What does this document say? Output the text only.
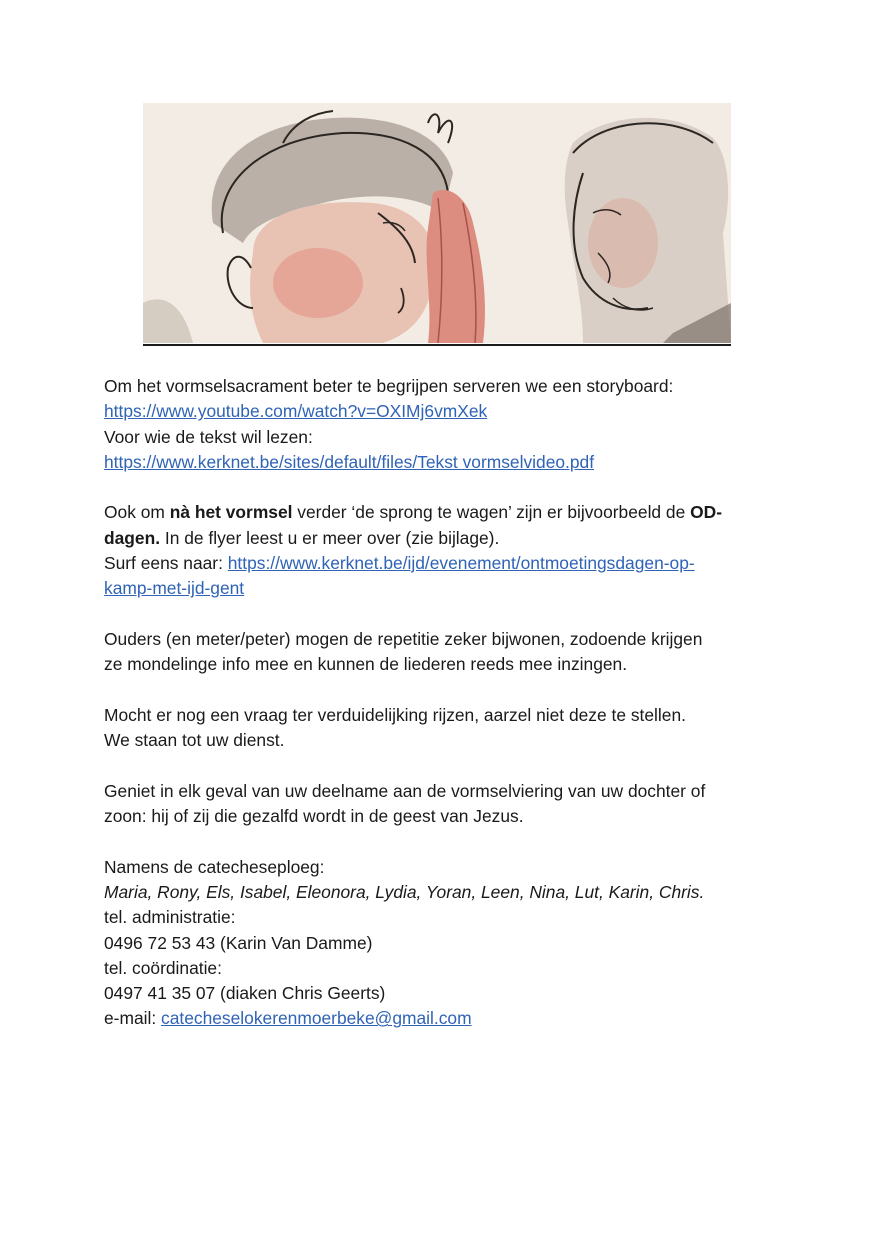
Om het vormselsacrament beter te begrijpen serveren we een storyboard:

https://www.youtube.com/watch?v=OXIMj6vmXek

Voor wie de tekst wil lezen:

https://www.kerknet.be/sites/default/files/Tekst vormselvideo.pdf

Ook om nà het vormsel verder ‘de sprong te wagen’ zijn er bijvoorbeeld de OD-

dagen. In de flyer leest u er meer over (zie bijlage).

Surf eens naar: https://www.kerknet.be/ijd/evenement/ontmoetingsdagen-op-

kamp-met-ijd-gent

Ouders (en meter/peter) mogen de repetitie zeker bijwonen, zodoende krijgen

ze mondelinge info mee en kunnen de liederen reeds mee inzingen.

Mocht er nog een vraag ter verduidelijking rijzen, aarzel niet deze te stellen.

We staan tot uw dienst.

Geniet in elk geval van uw deelname aan de vormselviering van uw dochter of

zoon: hij of zij die gezalfd wordt in de geest van Jezus.

Namens de catecheseploeg:

Maria, Rony, Els, Isabel, Eleonora, Lydia, Yoran, Leen, Nina, Lut, Karin, Chris.

tel. administratie:

0496 72 53 43 (Karin Van Damme)

tel. coördinatie:

0497 41 35 07 (diaken Chris Geerts)

e-mail: catecheselokerenmoerbeke@gmail.com
